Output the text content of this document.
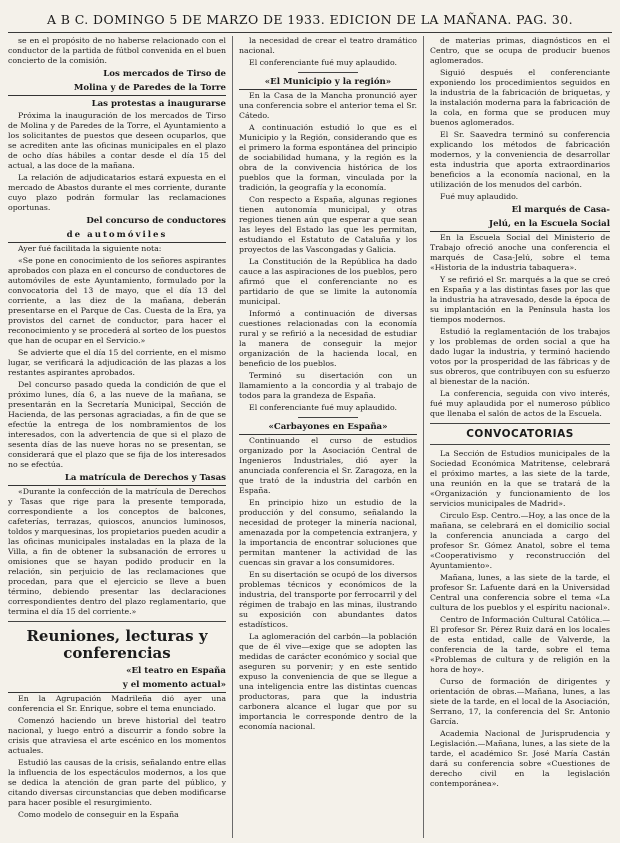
A B C. DOMINGO 5 DE MARZO DE 1933. EDICION DE LA MAÑANA. PAG. 30.

se en el propósito de no haberse relacionado con el conductor de la partida de fútbol convenida en el buen concierto de la comisión.

Los mercados de Tirso de
Molina y de Paredes de la Torre
Las protestas a inaugurarse

Próxima la inauguración de los mercados de Tirso de Molina y de Paredes de la Torre, el Ayuntamiento a los solicitantes de puestos que deseen ocuparlos, que se acrediten ante las oficinas municipales en el plazo de ocho días hábiles a contar desde el día 15 del actual, a las doce de la mañana.

La relación de adjudicatarios estará expuesta en el mercado de Abastos durante el mes corriente, durante cuyo plazo podrán formular las reclamaciones oportunas.

Del concurso de conductores
de automóviles

Ayer fué facilitada la siguiente nota:

«Se pone en conocimiento de los señores aspirantes aprobados con plaza en el concurso de conductores de automóviles de este Ayuntamiento, formulado por la convocatoria del 13 de mayo, que el día 13 del corriente, a las diez de la mañana, deberán presentarse en el Parque de Cas. Cuesta de la Era, ya provistos del carnet de conductor, para hacer el reconocimiento y se procederá al sorteo de los puestos que han de ocupar en el Servicio.»

Se advierte que el día 15 del corriente, en el mismo lugar, se verificará la adjudicación de las plazas a los restantes aspirantes aprobados.

Del concurso pasado queda la condición de que el próximo lunes, día 6, a las nueve de la mañana, se presentarán en la Secretaría Municipal, Sección de Hacienda, de las personas agraciadas, a fin de que se efectúe la entrega de los nombramientos de los interesados, con la advertencia de que si el plazo de sesenta días de las nueve horas no se presentan, se considerará que el plazo que se fija de los interesados no se efectúa.

La matrícula de Derechos y Tasas

«Durante la confección de la matrícula de Derechos y Tasas que rige para la presente temporada, correspondiente a los conceptos de balcones, cafeterías, terrazas, quioscos, anuncios luminosos, toldos y marquesinas, los propietarios pueden acudir a las oficinas municipales instaladas en la plaza de la Villa, a fin de obtener la subsanación de errores u omisiones que se hayan podido producir en la relación, sin perjuicio de las reclamaciones que procedan, para que el ejercicio se lleve a buen término, debiendo presentar las declaraciones correspondientes dentro del plazo reglamentario, que termina el día 15 del corriente.»

Reuniones, lecturas y conferencias
«El teatro en España
y el momento actual»

En la Agrupación Madrileña dió ayer una conferencia el Sr. Enrique, sobre el tema enunciado.

Comenzó haciendo un breve historial del teatro nacional, y luego entró a discurrir a fondo sobre la crisis que atraviesa el arte escénico en los momentos actuales.

Estudió las causas de la crisis, señalando entre ellas la influencia de los espectáculos modernos, a los que se dedica la atención de gran parte del público, y citando diversas circunstancias que deben modificarse para hacer posible el resurgimiento.

Como modelo de conseguir en la España

la necesidad de crear el teatro dramático nacional.

El conferenciante fué muy aplaudido.

«El Municipio y la región»

En la Casa de la Mancha pronunció ayer una conferencia sobre el anterior tema el Sr. Cátedo.

A continuación estudió lo que es el Municipio y la Región, considerando que es el primero la forma espontánea del principio de sociabilidad humana, y la región es la obra de la convivencia histórica de los pueblos que la forman, vinculada por la tradición, la geografía y la economía.

Con respecto a España, algunas regiones tienen autonomía municipal, y otras regiones tienen aún que esperar a que sean las leyes del Estado las que les permitan, estudiando el Estatuto de Cataluña y los proyectos de las Vascongadas y Galicia.

La Constitución de la República ha dado cauce a las aspiraciones de los pueblos, pero afirmó que el conferenciante no es partidario de que se limite la autonomía municipal.

Informó a continuación de diversas cuestiones relacionadas con la economía rural y se refirió a la necesidad de estudiar la manera de conseguir la mejor organización de la hacienda local, en beneficio de los pueblos.

Terminó su disertación con un llamamiento a la concordia y al trabajo de todos para la grandeza de España.

El conferenciante fué muy aplaudido.

«Carbayones en España»

Continuando el curso de estudios organizado por la Asociación Central de Ingenieros Industriales, dió ayer la anunciada conferencia el Sr. Zaragoza, en la que trató de la industria del carbón en España.

En principio hizo un estudio de la producción y del consumo, señalando la necesidad de proteger la minería nacional, amenazada por la competencia extranjera, y la importancia de encontrar soluciones que permitan mantener la actividad de las cuencas sin gravar a los consumidores.

En su disertación se ocupó de los diversos problemas técnicos y económicos de la industria, del transporte por ferrocarril y del régimen de trabajo en las minas, ilustrando su exposición con abundantes datos estadísticos.

La aglomeración del carbón—la población que de él vive—exige que se adopten las medidas de carácter económico y social que aseguren su porvenir; y en este sentido expuso la conveniencia de que se llegue a una inteligencia entre las distintas cuencas productoras, para que la industria carbonera alcance el lugar que por su importancia le corresponde dentro de la economía nacional.

de materias primas, diagnósticos en el Centro, que se ocupa de producir buenos aglomerados.

Siguió después el conferenciante exponiendo los procedimientos seguidos en la industria de la fabricación de briquetas, y la instalación moderna para la fabricación de la cola, en forma que se producen muy buenos aglomerados.

El Sr. Saavedra terminó su conferencia explicando los métodos de fabricación modernos, y la conveniencia de desarrollar esta industria que aporta extraordinarios beneficios a la economía nacional, en la utilización de los menudos del carbón.

Fué muy aplaudido.

El marqués de Casa-
Jelú, en la Escuela Social

En la Escuela Social del Ministerio de Trabajo ofreció anoche una conferencia el marqués de Casa-Jelú, sobre el tema «Historia de la industria tabaquera».

Y se refirió el Sr. marqués a la que se creó en España y a las distintas fases por las que la industria ha atravesado, desde la época de su implantación en la Península hasta los tiempos modernos.

Estudió la reglamentación de los trabajos y los problemas de orden social a que ha dado lugar la industria, y terminó haciendo votos por la prosperidad de las fábricas y de sus obreros, que contribuyen con su esfuerzo al bienestar de la nación.

La conferencia, seguida con vivo interés, fué muy aplaudida por el numeroso público que llenaba el salón de actos de la Escuela.

CONVOCATORIAS

La Sección de Estudios municipales de la Sociedad Económica Matritense, celebrará el próximo martes, a las siete de la tarde, una reunión en la que se tratará de la «Organización y funcionamiento de los servicios municipales de Madrid».

Circulo Esp. Centro.—Hoy, a las once de la mañana, se celebrará en el domicilio social la conferencia anunciada a cargo del profesor Sr. Gómez Anatol, sobre el tema «Cooperativismo y reconstrucción del Ayuntamiento».

Mañana, lunes, a las siete de la tarde, el profesor Sr. Lafuente dará en la Universidad Central una conferencia sobre el tema «La cultura de los pueblos y el espíritu nacional».

Centro de Información Cultural Católica.—El profesor Sr. Pérez Ruiz dará en los locales de esta entidad, calle de Valverde, la conferencia de la tarde, sobre el tema «Problemas de cultura y de religión en la hora de hoy».

Curso de formación de dirigentes y orientación de obras.—Mañana, lunes, a las siete de la tarde, en el local de la Asociación, Serrano, 17, la conferencia del Sr. Antonio García.

Academia Nacional de Jurisprudencia y Legislación.—Mañana, lunes, a las siete de la tarde, el académico Sr. José María Castán dará su conferencia sobre «Cuestiones de derecho civil en la legislación contemporánea».
